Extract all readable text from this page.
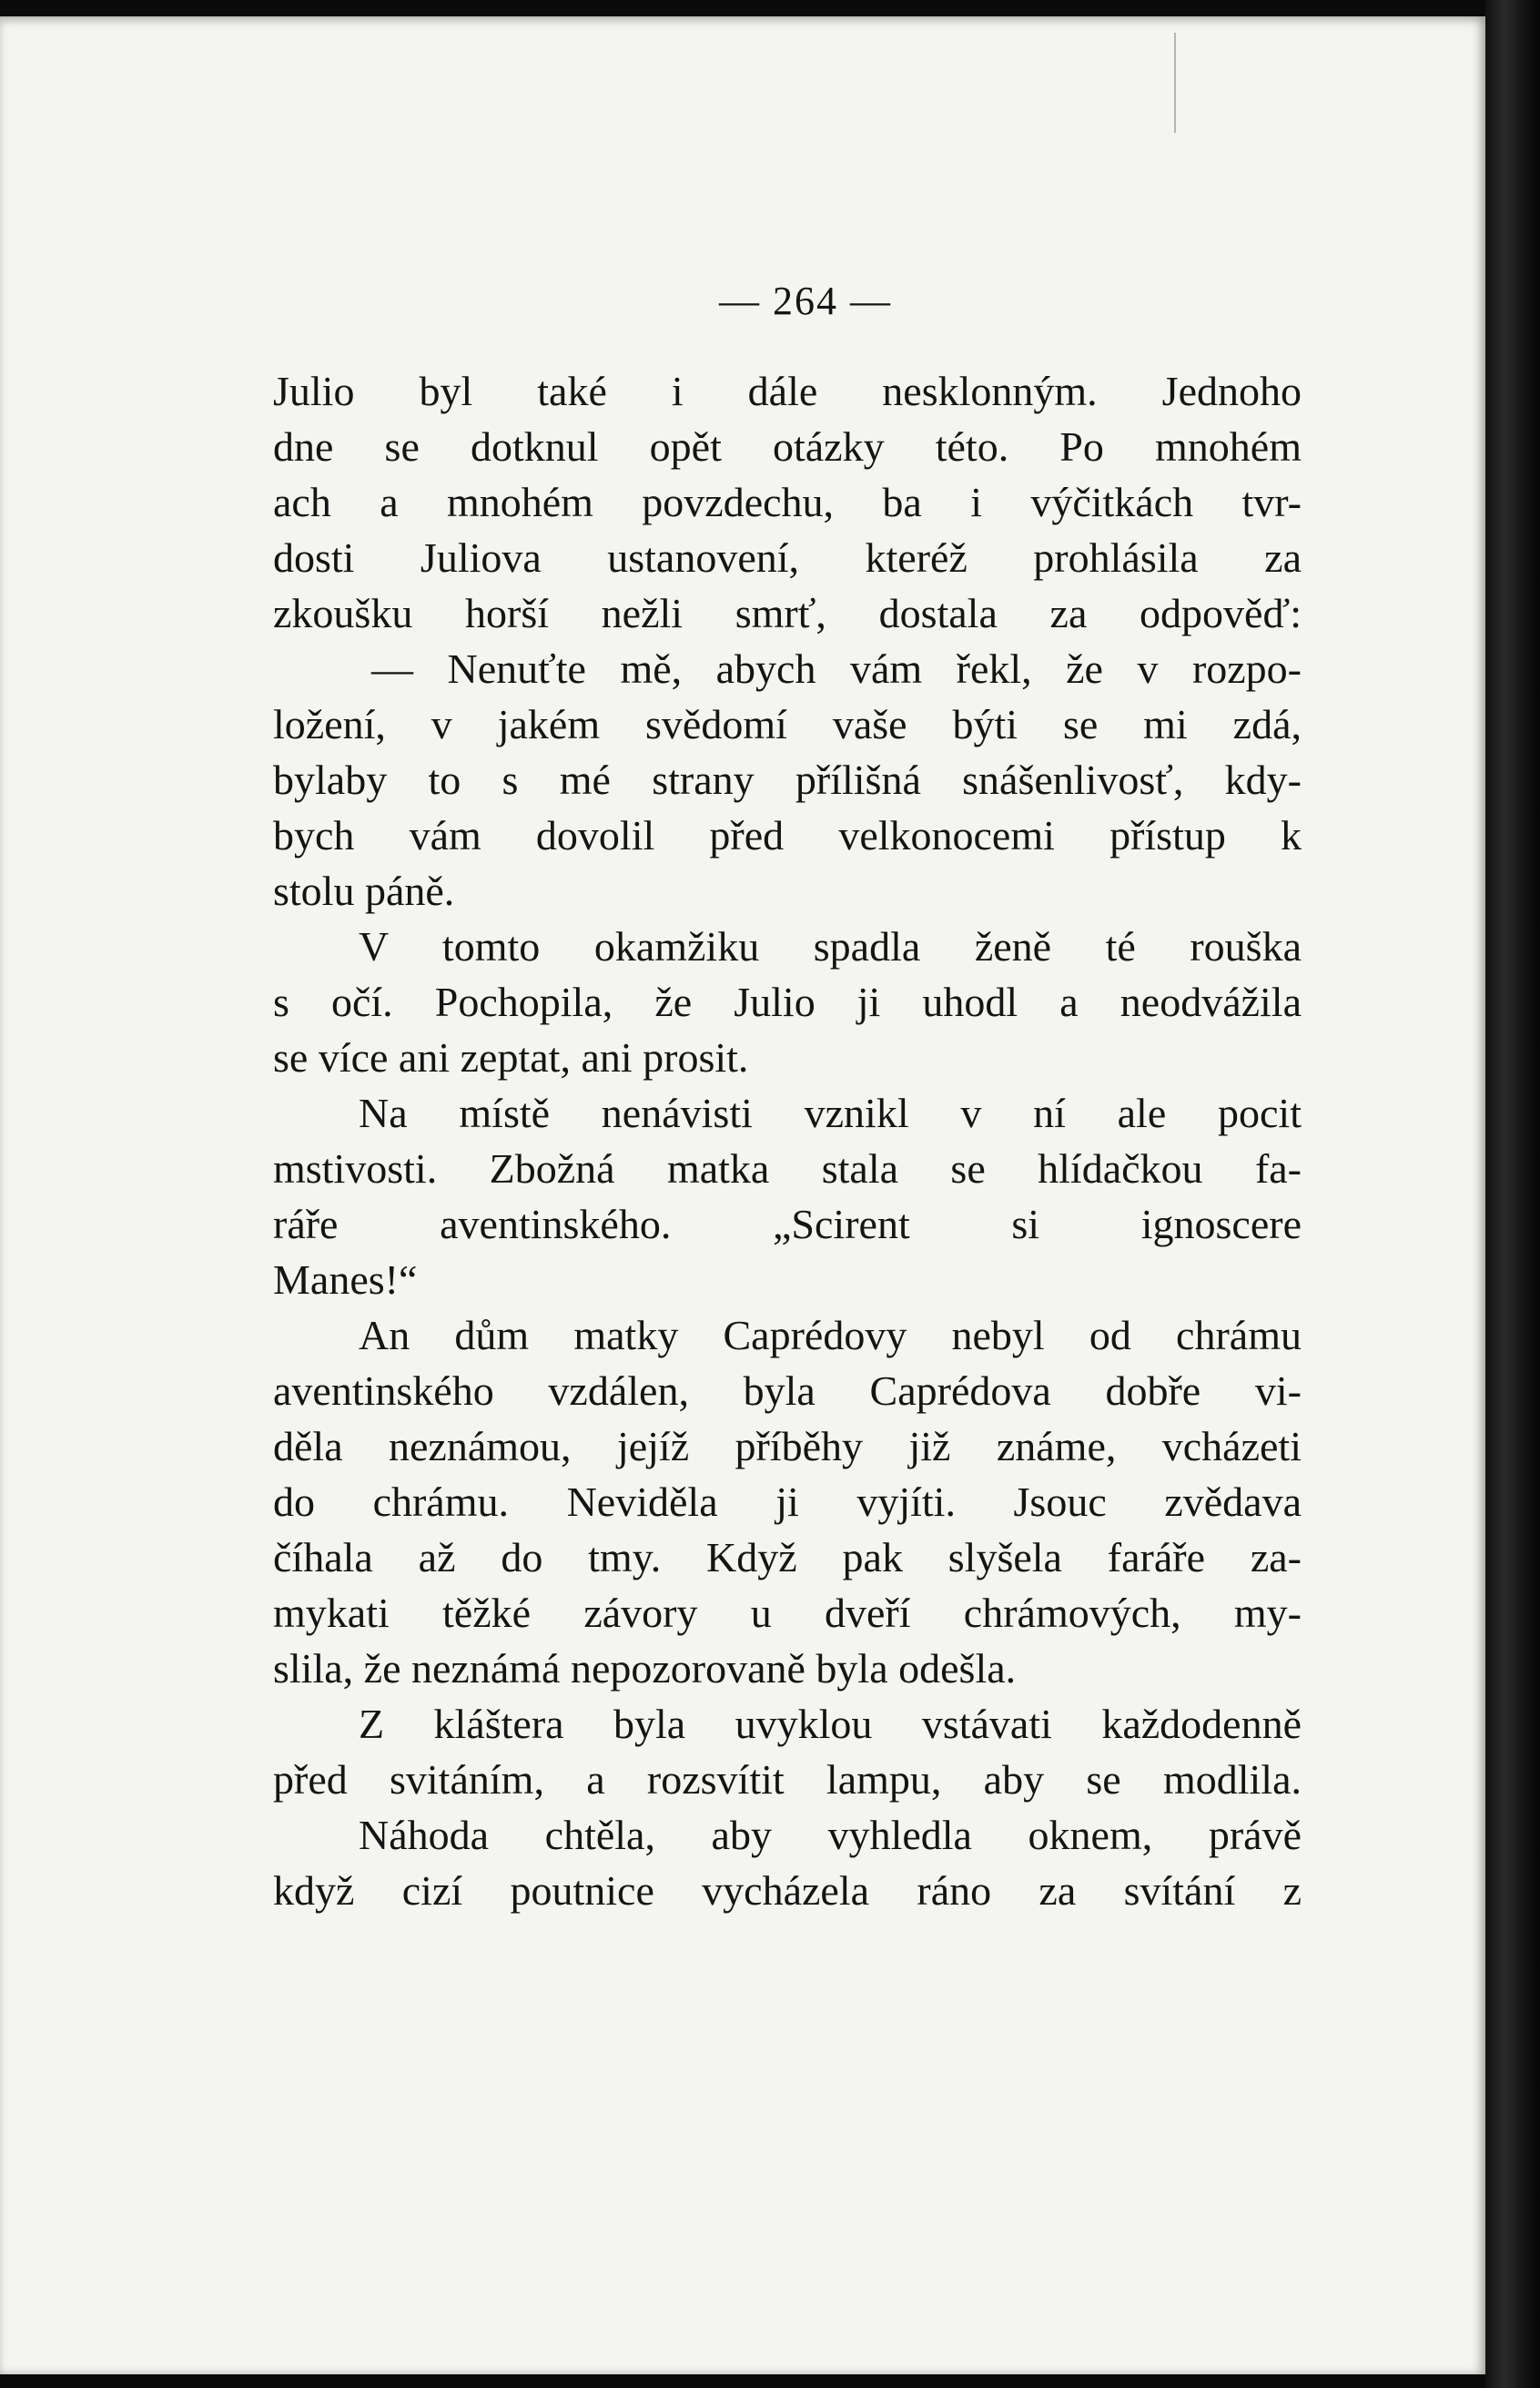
— 264 —
Julio byl také i dále nesklonným. Jednoho
dne se dotknul opět otázky této. Po mnohém
ach a mnohém povzdechu, ba i výčitkách tvr-
dosti Juliova ustanovení, kteréž prohlásila za
zkoušku horší nežli smrť, dostala za odpověď:
— Nenuťte mě, abych vám řekl, že v rozpo-
ložení, v jakém svědomí vaše býti se mi zdá,
bylaby to s mé strany přílišná snášenlivosť, kdy-
bych vám dovolil před velkonocemi přístup k
stolu páně.
V tomto okamžiku spadla ženě té rouška
s očí. Pochopila, že Julio ji uhodl a neodvážila
se více ani zeptat, ani prosit.
Na místě nenávisti vznikl v ní ale pocit
mstivosti. Zbožná matka stala se hlídačkou fa-
ráře aventinského. „Scirent si ignoscere
Manes!“
An dům matky Caprédovy nebyl od chrámu
aventinského vzdálen, byla Caprédova dobře vi-
děla neznámou, jejíž příběhy již známe, vcházeti
do chrámu. Neviděla ji vyjíti. Jsouc zvědava
číhala až do tmy. Když pak slyšela faráře za-
mykati těžké závory u dveří chrámových, my-
slila, že neznámá nepozorovaně byla odešla.
Z kláštera byla uvyklou vstávati každodenně
před svitáním, a rozsvítit lampu, aby se modlila.
Náhoda chtěla, aby vyhledla oknem, právě
když cizí poutnice vycházela ráno za svítání z
